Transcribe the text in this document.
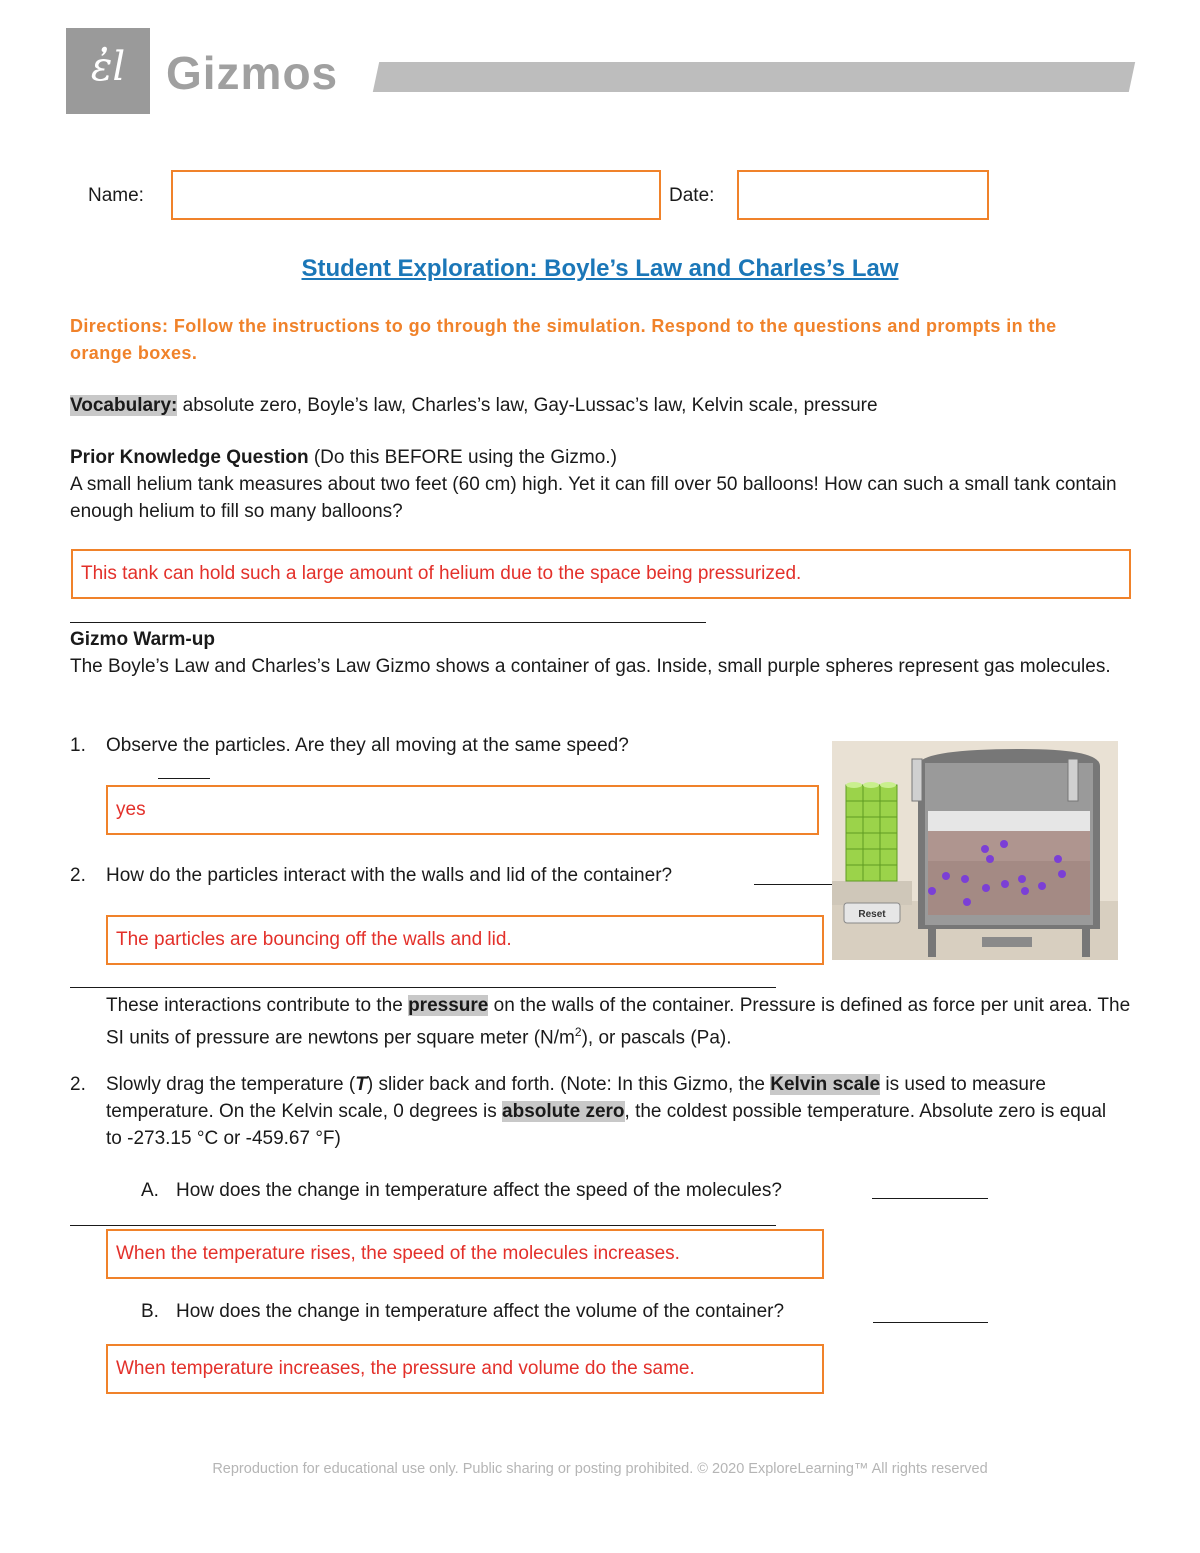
ἐl Gizmos
Name:	Date:
Student Exploration: Boyle’s Law and Charles’s Law
Directions: Follow the instructions to go through the simulation. Respond to the questions and prompts in the orange boxes.
Vocabulary: absolute zero, Boyle’s law, Charles’s law, Gay-Lussac’s law, Kelvin scale, pressure
Prior Knowledge Question (Do this BEFORE using the Gizmo.)
A small helium tank measures about two feet (60 cm) high. Yet it can fill over 50 balloons! How can such a small tank contain enough helium to fill so many balloons?
This tank can hold such a large amount of helium due to the space being pressurized.
Gizmo Warm-up
The Boyle’s Law and Charles’s Law Gizmo shows a container of gas. Inside, small purple spheres represent gas molecules.
1. Observe the particles. Are they all moving at the same speed?
yes
2. How do the particles interact with the walls and lid of the container?
The particles are bouncing off the walls and lid.
Reset
These interactions contribute to the pressure on the walls of the container. Pressure is defined as force per unit area. The SI units of pressure are newtons per square meter $(N/m^2)$, or pascals (Pa).
2. Slowly drag the temperature (T) slider back and forth. (Note: In this Gizmo, the Kelvin scale is used to measure temperature. On the Kelvin scale, 0 degrees is absolute zero, the coldest possible temperature. Absolute zero is equal to -273.15 °C or -459.67 °F)
A. How does the change in temperature affect the speed of the molecules?
When the temperature rises, the speed of the molecules increases.
B. How does the change in temperature affect the volume of the container?
When temperature increases, the pressure and volume do the same.
Reproduction for educational use only. Public sharing or posting prohibited. © 2020 ExploreLearning™ All rights reserved
